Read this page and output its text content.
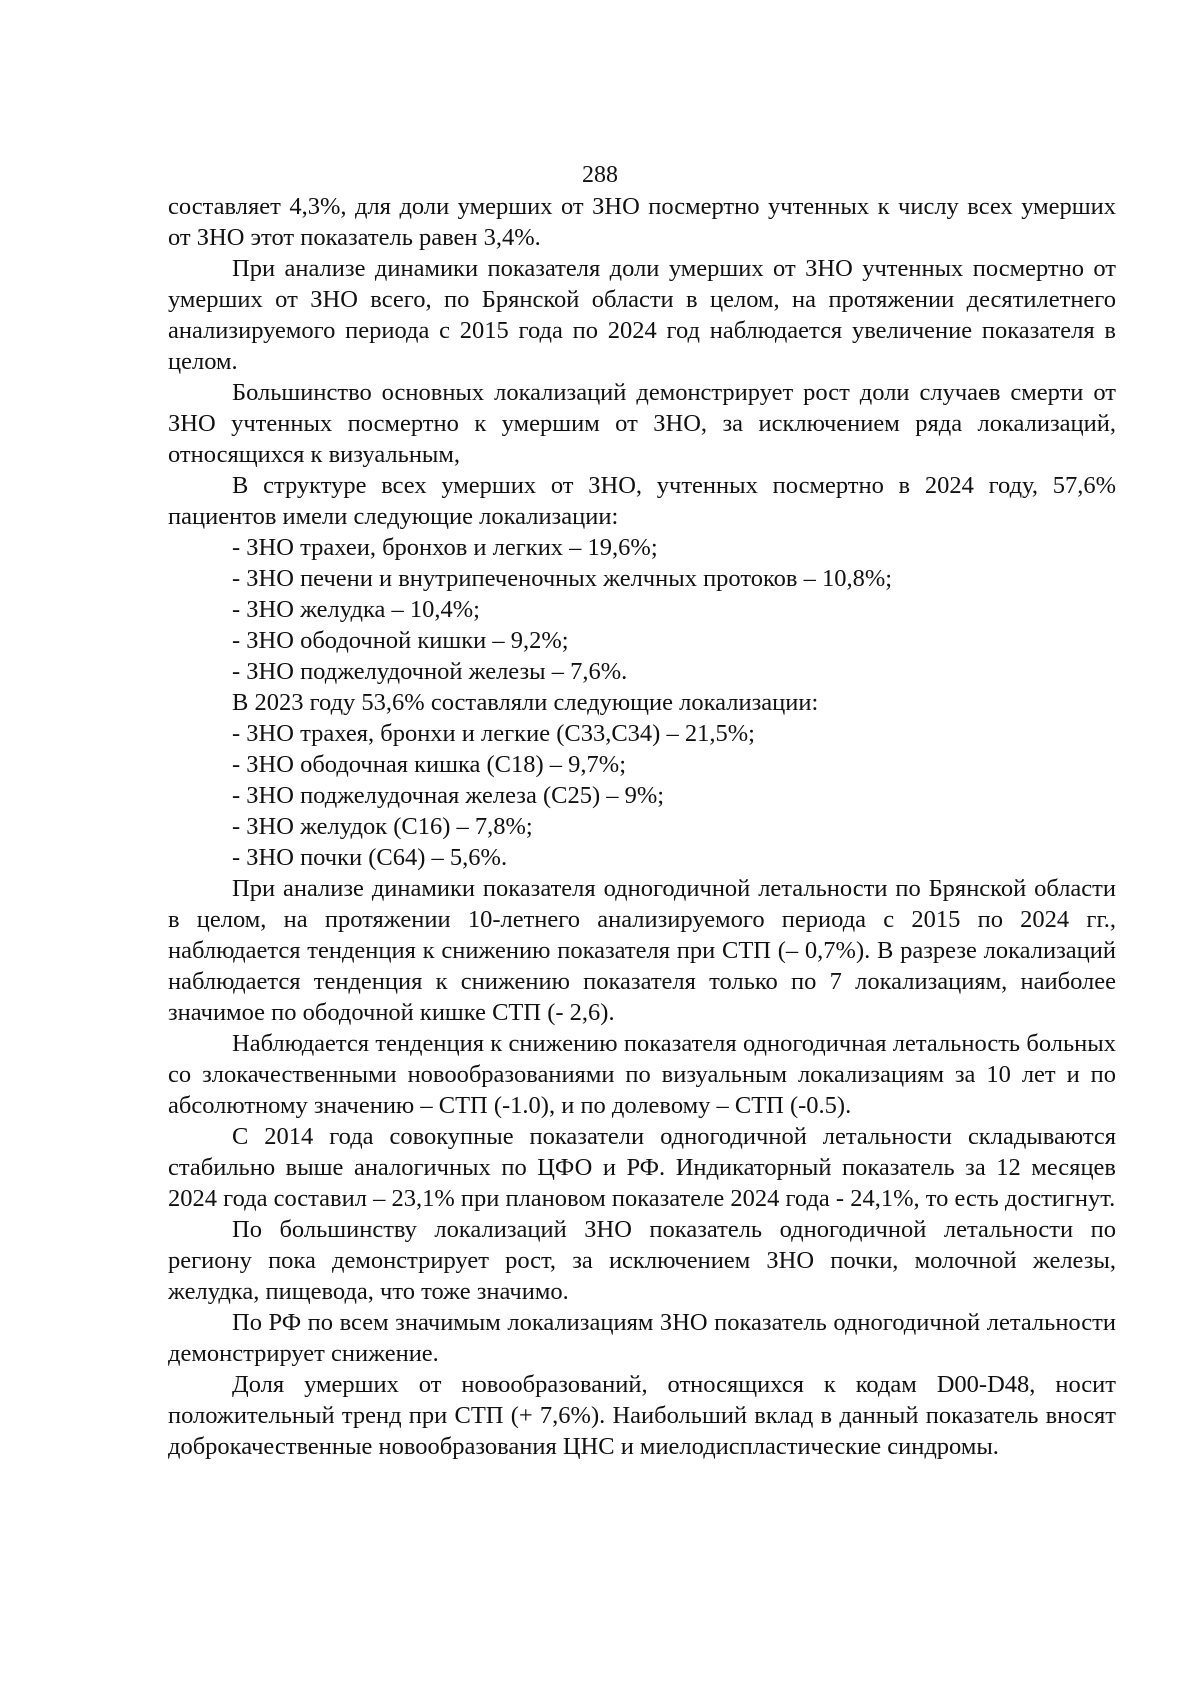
288

составляет 4,3%, для доли умерших от ЗНО посмертно учтенных к числу всех умерших от ЗНО этот показатель равен 3,4%.

При анализе динамики показателя доли умерших от ЗНО учтенных посмертно от умерших от ЗНО всего, по Брянской области в целом, на протяжении десятилетнего анализируемого периода с 2015 года по 2024 год наблюдается увеличение показателя в целом.

Большинство основных локализаций демонстрирует рост доли случаев смерти от ЗНО учтенных посмертно к умершим от ЗНО, за исключением ряда локализаций, относящихся к визуальным,

В структуре всех умерших от ЗНО, учтенных посмертно в 2024 году, 57,6% пациентов имели следующие локализации:

- ЗНО трахеи, бронхов и легких – 19,6%;

- ЗНО печени и внутрипеченочных желчных протоков – 10,8%;

- ЗНО желудка – 10,4%;

- ЗНО ободочной кишки – 9,2%;

- ЗНО поджелудочной железы – 7,6%.

В 2023 году 53,6% составляли следующие локализации:

- ЗНО трахея, бронхи и легкие (С33,С34) – 21,5%;

- ЗНО ободочная кишка (С18) – 9,7%;

- ЗНО поджелудочная железа (С25) – 9%;

- ЗНО желудок (С16) – 7,8%;

- ЗНО почки (С64) – 5,6%.

При анализе динамики показателя одногодичной летальности по Брянской области в целом, на протяжении 10-летнего анализируемого периода с 2015 по 2024 гг., наблюдается тенденция к снижению показателя при СТП (– 0,7%). В разрезе локализаций наблюдается тенденция к снижению показателя только по 7 локализациям, наиболее значимое по ободочной кишке СТП (- 2,6).

Наблюдается тенденция к снижению показателя одногодичная летальность больных со злокачественными новообразованиями по визуальным локализациям за 10 лет и по абсолютному значению – СТП (-1.0), и по долевому – СТП (-0.5).

С 2014 года совокупные показатели одногодичной летальности складываются стабильно выше аналогичных по ЦФО и РФ. Индикаторный показатель за 12 месяцев 2024 года составил – 23,1% при плановом показателе 2024 года - 24,1%, то есть достигнут.

По большинству локализаций ЗНО показатель одногодичной летальности по региону пока демонстрирует рост, за исключением ЗНО почки, молочной железы, желудка, пищевода, что тоже значимо.

По РФ по всем значимым локализациям ЗНО показатель одногодичной летальности демонстрирует снижение.

Доля умерших от новообразований, относящихся к кодам D00-D48, носит положительный тренд при СТП (+ 7,6%). Наибольший вклад в данный показатель вносят доброкачественные новообразования ЦНС и миелодиспластические синдромы.
